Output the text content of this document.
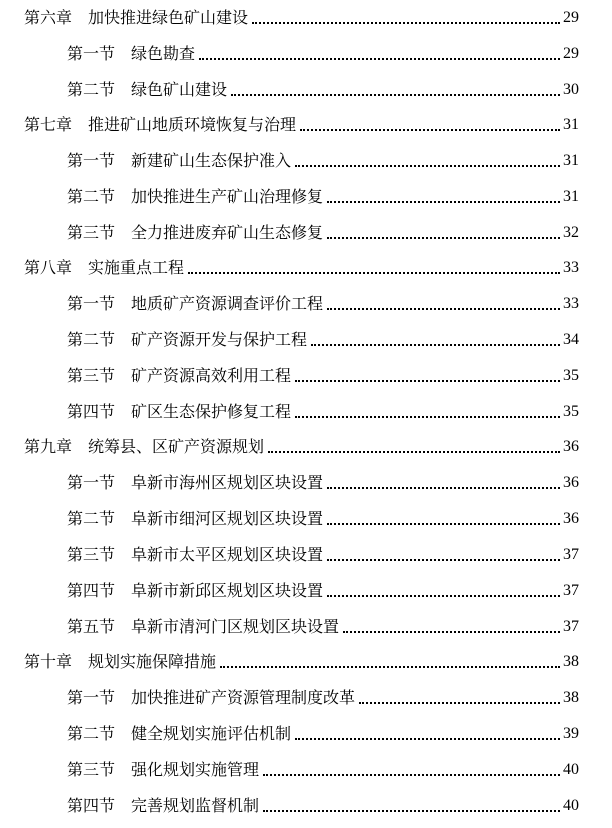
第六章 加快推进绿色矿山建设	29
第一节 绿色勘查	29
第二节 绿色矿山建设	30
第七章 推进矿山地质环境恢复与治理	31
第一节 新建矿山生态保护准入	31
第二节 加快推进生产矿山治理修复	31
第三节 全力推进废弃矿山生态修复	32
第八章 实施重点工程	33
第一节 地质矿产资源调查评价工程	33
第二节 矿产资源开发与保护工程	34
第三节 矿产资源高效利用工程	35
第四节 矿区生态保护修复工程	35
第九章 统筹县、区矿产资源规划	36
第一节 阜新市海州区规划区块设置	36
第二节 阜新市细河区规划区块设置	36
第三节 阜新市太平区规划区块设置	37
第四节 阜新市新邱区规划区块设置	37
第五节 阜新市清河门区规划区块设置	37
第十章 规划实施保障措施	38
第一节 加快推进矿产资源管理制度改革	38
第二节 健全规划实施评估机制	39
第三节 强化规划实施管理	40
第四节 完善规划监督机制	40
